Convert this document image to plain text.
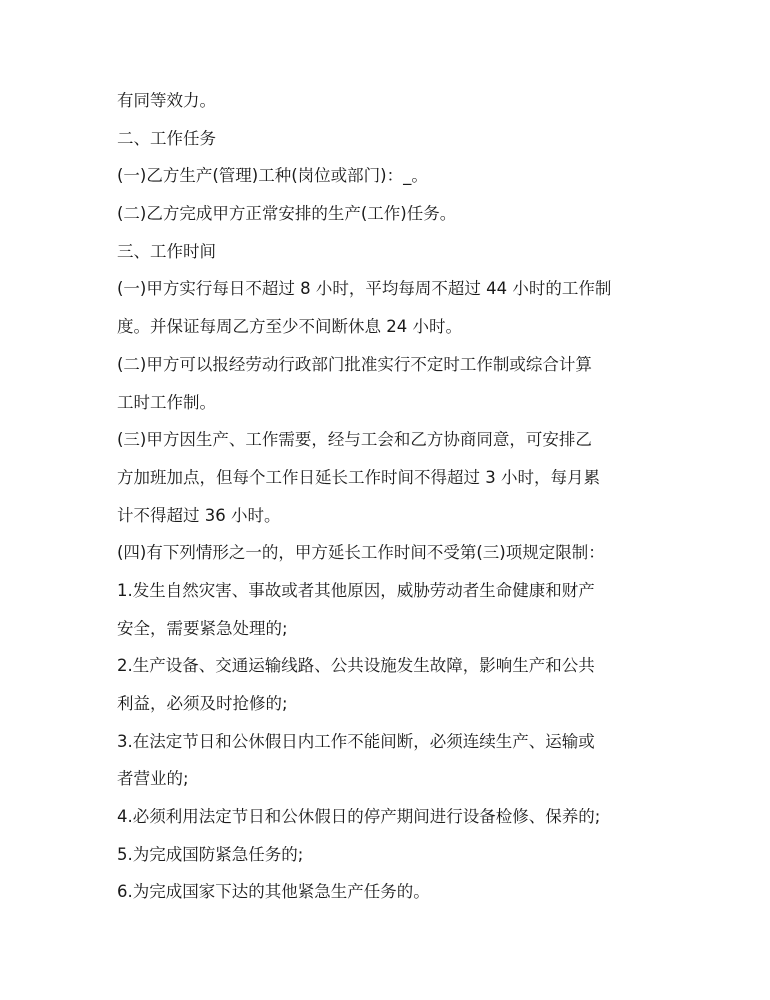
有同等效力。
二、工作任务
(一)乙方生产(管理)工种(岗位或部门)：_。
(二)乙方完成甲方正常安排的生产(工作)任务。
三、工作时间
(一)甲方实行每日不超过 8 小时，平均每周不超过 44 小时的工作制
度。并保证每周乙方至少不间断休息 24 小时。
(二)甲方可以报经劳动行政部门批准实行不定时工作制或综合计算
工时工作制。
(三)甲方因生产、工作需要，经与工会和乙方协商同意，可安排乙
方加班加点，但每个工作日延长工作时间不得超过 3 小时，每月累
计不得超过 36 小时。
(四)有下列情形之一的，甲方延长工作时间不受第(三)项规定限制：
1.发生自然灾害、事故或者其他原因，威胁劳动者生命健康和财产
安全，需要紧急处理的;
2.生产设备、交通运输线路、公共设施发生故障，影响生产和公共
利益，必须及时抢修的;
3.在法定节日和公休假日内工作不能间断，必须连续生产、运输或
者营业的;
4.必须利用法定节日和公休假日的停产期间进行设备检修、保养的;
5.为完成国防紧急任务的;
6.为完成国家下达的其他紧急生产任务的。
